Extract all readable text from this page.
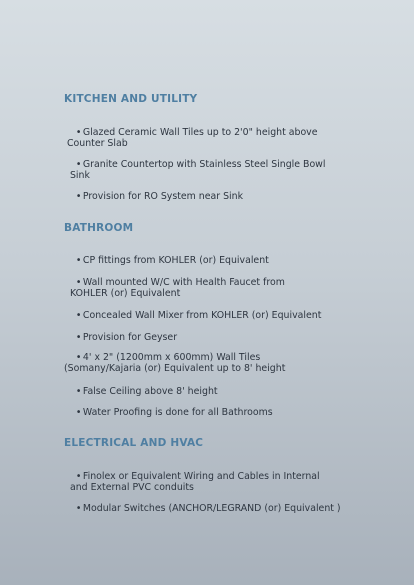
KITCHEN AND UTILITY

•Glazed Ceramic Wall Tiles up to 2'0" height above
Counter Slab

•Granite Countertop with Stainless Steel Single Bowl
Sink

•Provision for RO System near Sink

BATHROOM

•CP fittings from KOHLER (or) Equivalent

•Wall mounted W/C with Health Faucet from
KOHLER (or) Equivalent

•Concealed Wall Mixer from KOHLER (or) Equivalent

•Provision for Geyser

•4' x 2" (1200mm x 600mm) Wall Tiles
(Somany/Kajaria (or) Equivalent up to 8' height

•False Ceiling above 8' height

•Water Proofing is done for all Bathrooms

ELECTRICAL AND HVAC

•Finolex or Equivalent Wiring and Cables in Internal
and External PVC conduits

•Modular Switches (ANCHOR/LEGRAND (or) Equivalent )
